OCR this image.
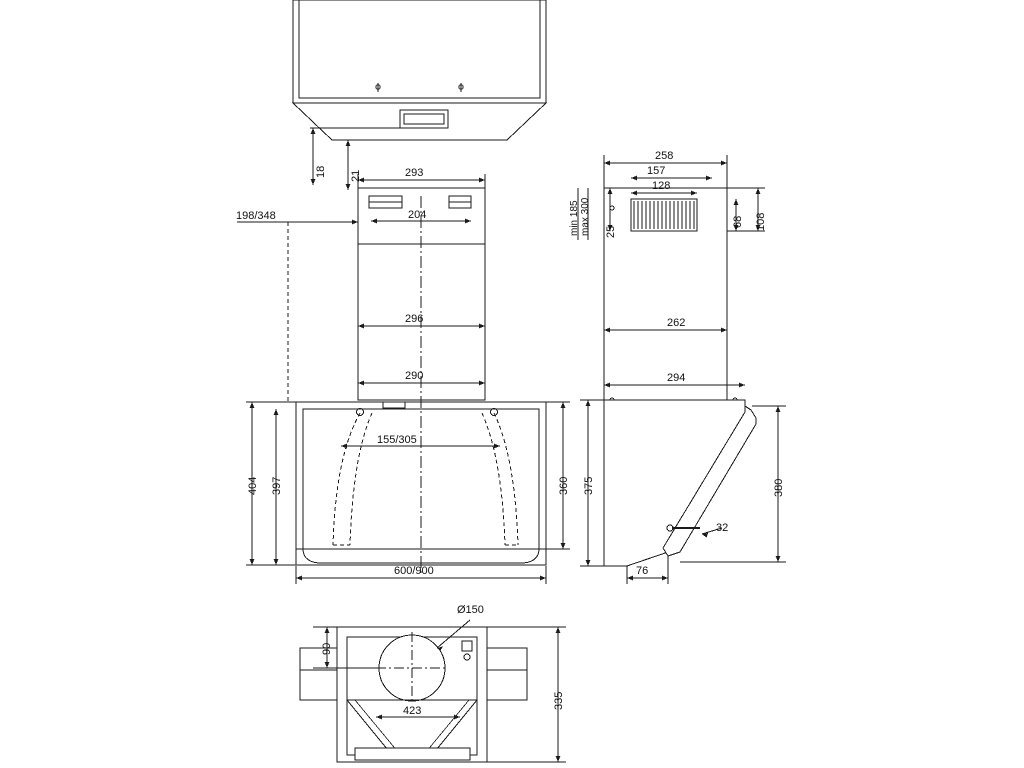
18 21
198/348
293
204
296
290
155/305
404 397	360
600/900
258
157
128
min 185 max 300 25
68 108
262
294
375	380
32
76
Ø150
90
423
335
